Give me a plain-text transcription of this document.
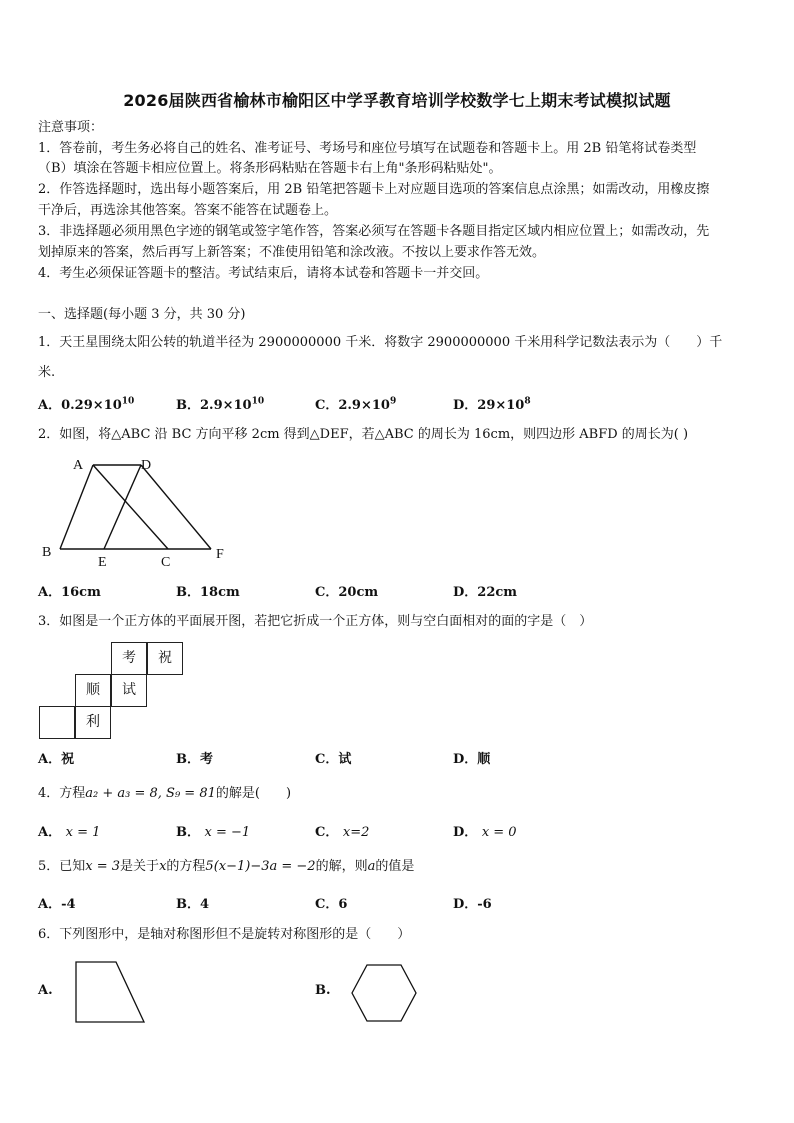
2026届陕西省榆林市榆阳区中学孚教育培训学校数学七上期末考试模拟试题
注意事项：
1．答卷前，考生务必将自己的姓名、准考证号、考场号和座位号填写在试题卷和答题卡上。用 2B 铅笔将试卷类型
（B）填涂在答题卡相应位置上。将条形码粘贴在答题卡右上角"条形码粘贴处"。
2．作答选择题时，选出每小题答案后，用 2B 铅笔把答题卡上对应题目选项的答案信息点涂黑；如需改动，用橡皮擦
干净后，再选涂其他答案。答案不能答在试题卷上。
3．非选择题必须用黑色字迹的钢笔或签字笔作答，答案必须写在答题卡各题目指定区域内相应位置上；如需改动，先
划掉原来的答案，然后再写上新答案；不准使用铅笔和涂改液。不按以上要求作答无效。
4．考生必须保证答题卡的整洁。考试结束后，请将本试卷和答题卡一并交回。
一、选择题(每小题 3 分，共 30 分)
1．天王星围绕太阳公转的轨道半径为 2900000000 千米．将数字 2900000000 千米用科学记数法表示为（　　）千
米.
A．$0.29\times 10^{10}$	B．$2.9\times 10^{10}$	C．$2.9\times 10^9$	D．$29\times 10^8$
2．如图，将△ABC 沿 BC 方向平移 2cm 得到△DEF，若△ABC 的周长为 16cm，则四边形 ABFD 的周长为( )
A	D
B
E	C
F
A．16cm	B．18cm	C．20cm	D．22cm
3．如图是一个正方体的平面展开图，若把它折成一个正方体，则与空白面相对的面的字是（　）
考	祝
顺	试
利
A．祝	B．考	C．试	D．顺
4．方程a₂ + a₃ = 8, S₉ = 81的解是(　　)
A． x = 1	B． x = −1	C． x=2	D． x = 0
5．已知x = 3是关于x的方程5(x−1)−3a = −2的解，则a的值是
A．-4	B．4	C．6	D．-6
6．下列图形中，是轴对称图形但不是旋转对称图形的是（　　）
A.	B.
